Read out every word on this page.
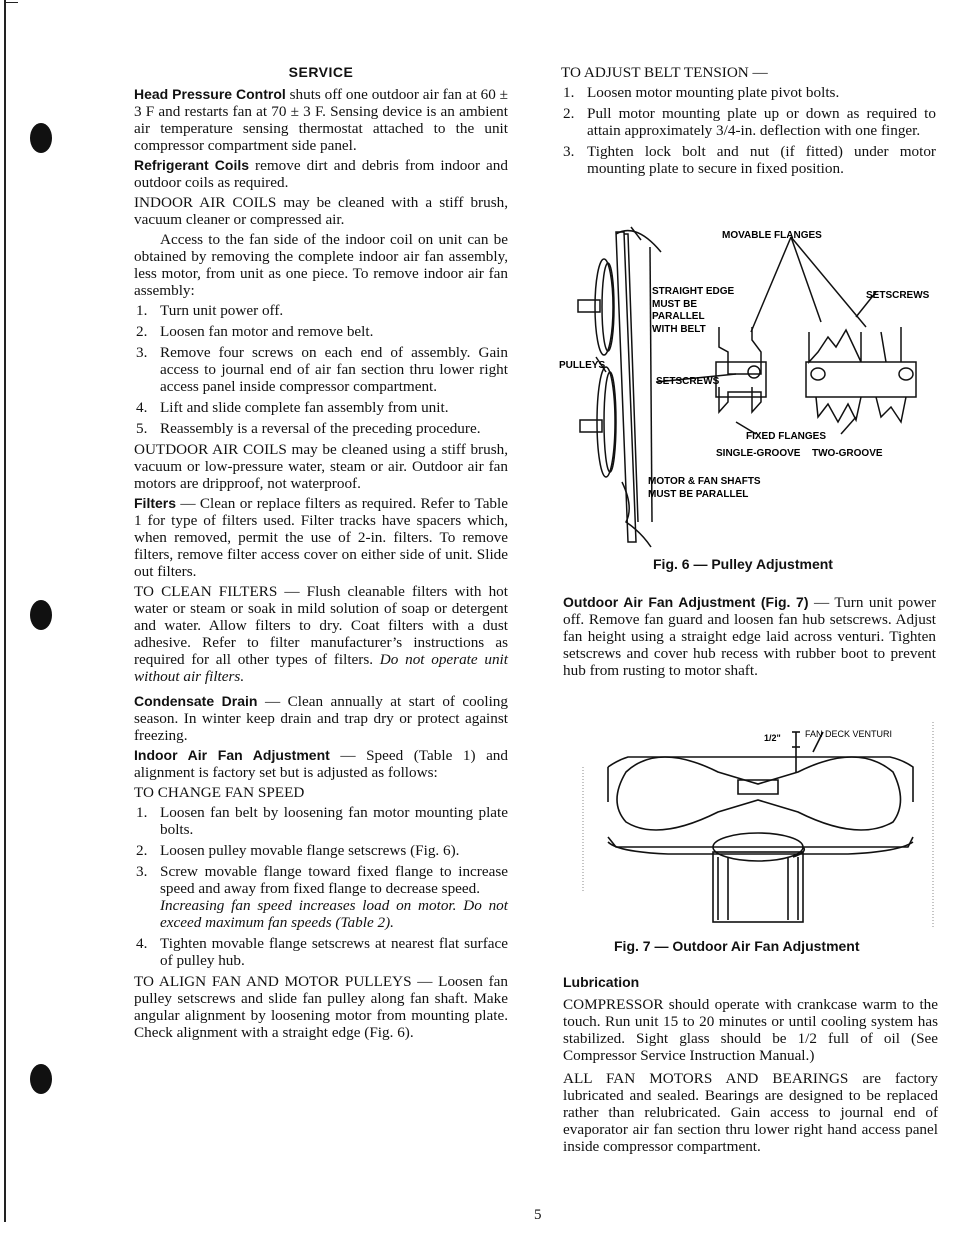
SERVICE

Head Pressure Control shuts off one outdoor air fan at 60 ± 3 F and restarts fan at 70 ± 3 F. Sensing device is an ambient air temperature sensing thermostat attached to the unit compressor compartment side panel.

Refrigerant Coils remove dirt and debris from indoor and outdoor coils as required.

INDOOR AIR COILS may be cleaned with a stiff brush, vacuum cleaner or compressed air.

Access to the fan side of the indoor coil on unit can be obtained by removing the complete indoor air fan assembly, less motor, from unit as one piece. To remove indoor air fan assembly:

1. Turn unit power off.
2. Loosen fan motor and remove belt.
3. Remove four screws on each end of assembly. Gain access to journal end of air fan section thru lower right access panel inside compressor compartment.
4. Lift and slide complete fan assembly from unit.
5. Reassembly is a reversal of the preceding procedure.

OUTDOOR AIR COILS may be cleaned using a stiff brush, vacuum or low-pressure water, steam or air. Outdoor air fan motors are dripproof, not waterproof.

Filters — Clean or replace filters as required. Refer to Table 1 for type of filters used. Filter tracks have spacers which, when removed, permit the use of 2-in. filters. To remove filters, remove filter access cover on either side of unit. Slide out filters.

TO CLEAN FILTERS — Flush cleanable filters with hot water or steam or soak in mild solution of soap or detergent and water. Allow filters to dry. Coat filters with a dust adhesive. Refer to filter manufacturer’s instructions as required for all other types of filters. Do not operate unit without air filters.

Condensate Drain — Clean annually at start of cooling season. In winter keep drain and trap dry or protect against freezing.

Indoor Air Fan Adjustment — Speed (Table 1) and alignment is factory set but is adjusted as follows:

TO CHANGE FAN SPEED

1. Loosen fan belt by loosening fan motor mounting plate bolts.
2. Loosen pulley movable flange setscrews (Fig. 6).
3. Screw movable flange toward fixed flange to increase speed and away from fixed flange to decrease speed.
Increasing fan speed increases load on motor. Do not exceed maximum fan speeds (Table 2).
4. Tighten movable flange setscrews at nearest flat surface of pulley hub.

TO ALIGN FAN AND MOTOR PULLEYS — Loosen fan pulley setscrews and slide fan pulley along fan shaft. Make angular alignment by loosening motor from mounting plate. Check alignment with a straight edge (Fig. 6).

TO ADJUST BELT TENSION —

1. Loosen motor mounting plate pivot bolts.
2. Pull motor mounting plate up or down as required to attain approximately 3/4-in. deflection with one finger.
3. Tighten lock bolt and nut (if fitted) under motor mounting plate to secure in fixed position.
MOVABLE FLANGES
STRAIGHT EDGE
MUST BE
PARALLEL
WITH BELT
SETSCREWS
PULLEYS
SETSCREWS
FIXED FLANGES
SINGLE-GROOVE TWO-GROOVE
MOTOR & FAN SHAFTS
MUST BE PARALLEL
Fig. 6 — Pulley Adjustment

Outdoor Air Fan Adjustment (Fig. 7) — Turn unit power off. Remove fan guard and loosen fan hub setscrews. Adjust fan height using a straight edge laid across venturi. Tighten setscrews and cover hub recess with rubber boot to prevent hub from rusting to motor shaft.

1/2"	FAN DECK VENTURI
Fig. 7 — Outdoor Air Fan Adjustment

Lubrication

COMPRESSOR should operate with crankcase warm to the touch. Run unit 15 to 20 minutes or until cooling system has stabilized. Sight glass should be 1/2 full of oil (See Compressor Service Instruction Manual.)

ALL FAN MOTORS AND BEARINGS are factory lubricated and sealed. Bearings are designed to be replaced rather than relubricated. Gain access to journal end of evaporator air fan section thru lower right hand access panel inside compressor compartment.

5
